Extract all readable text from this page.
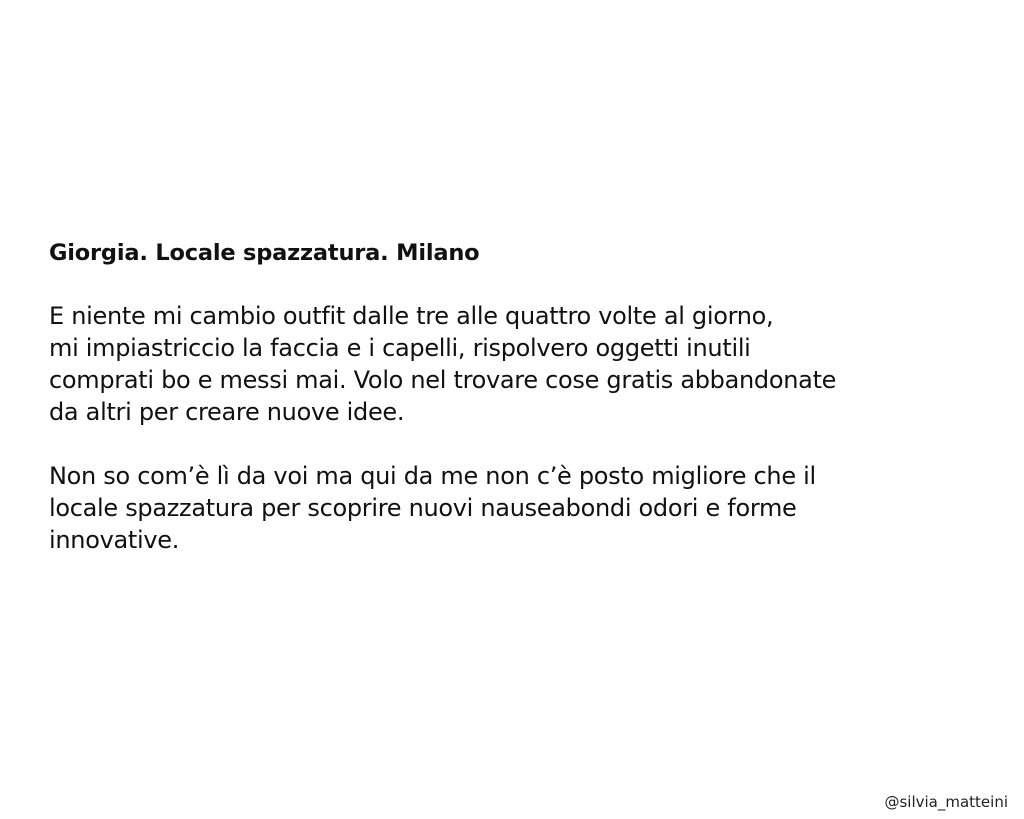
Giorgia. Locale spazzatura. Milano

E niente mi cambio outfit dalle tre alle quattro volte al giorno,
mi impiastriccio la faccia e i capelli, rispolvero oggetti inutili
comprati bo e messi mai. Volo nel trovare cose gratis abbandonate
da altri per creare nuove idee.

Non so com’è lì da voi ma qui da me non c’è posto migliore che il
locale spazzatura per scoprire nuovi nauseabondi odori e forme
innovative.

@silvia_matteini
